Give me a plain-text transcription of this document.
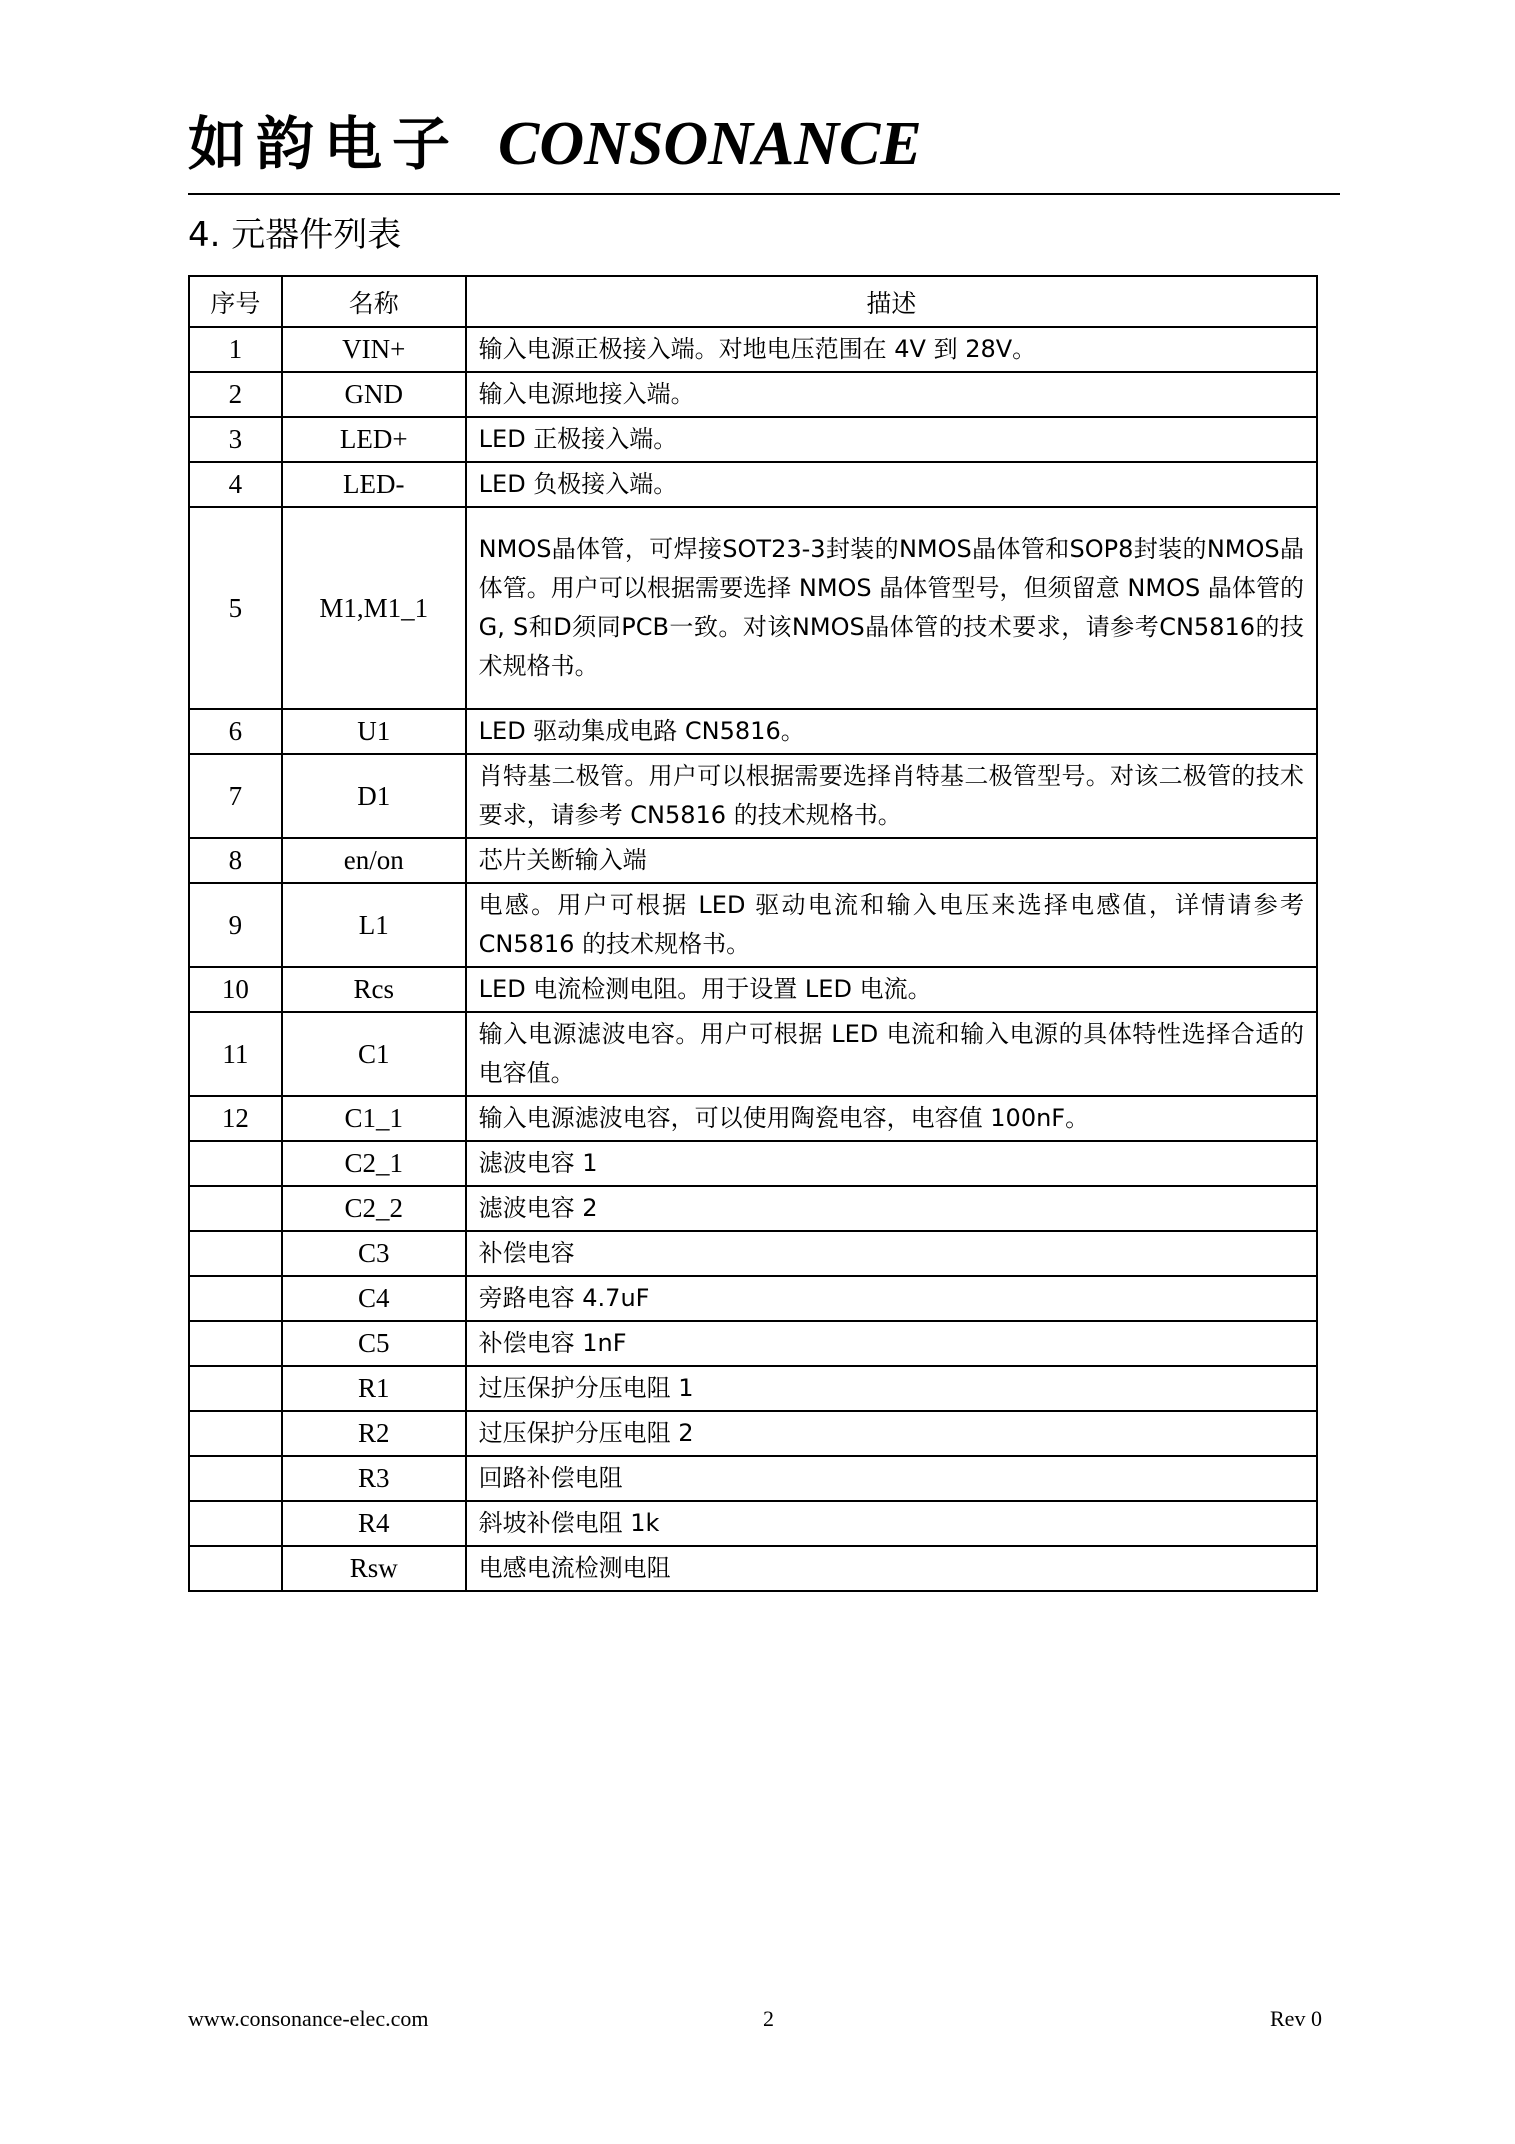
如韵电子 CONSONANCE
4. 元器件列表
序号	名称	描述
1	VIN+	输入电源正极接入端。对地电压范围在 4V 到 28V。
2	GND	输入电源地接入端。
3	LED+	LED 正极接入端。
4	LED-	LED 负极接入端。
5	M1,M1_1	NMOS晶体管，可焊接SOT23-3封装的NMOS晶体管和SOP8封装的NMOS晶体管。用户可以根据需要选择 NMOS 晶体管型号，但须留意 NMOS 晶体管的G, S和D须同PCB一致。对该NMOS晶体管的技术要求，请参考CN5816的技术规格书。
6	U1	LED 驱动集成电路 CN5816。
7	D1	肖特基二极管。用户可以根据需要选择肖特基二极管型号。对该二极管的技术要求，请参考 CN5816 的技术规格书。
8	en/on	芯片关断输入端
9	L1	电感。用户可根据 LED 驱动电流和输入电压来选择电感值，详情请参考 CN5816 的技术规格书。
10	Rcs	LED 电流检测电阻。用于设置 LED 电流。
11	C1	输入电源滤波电容。用户可根据 LED 电流和输入电源的具体特性选择合适的电容值。
12	C1_1	输入电源滤波电容，可以使用陶瓷电容，电容值 100nF。
	C2_1	滤波电容 1
	C2_2	滤波电容 2
	C3	补偿电容
	C4	旁路电容 4.7uF
	C5	补偿电容 1nF
	R1	过压保护分压电阻 1
	R2	过压保护分压电阻 2
	R3	回路补偿电阻
	R4	斜坡补偿电阻 1k
	Rsw	电感电流检测电阻
www.consonance-elec.com	2	Rev 0
